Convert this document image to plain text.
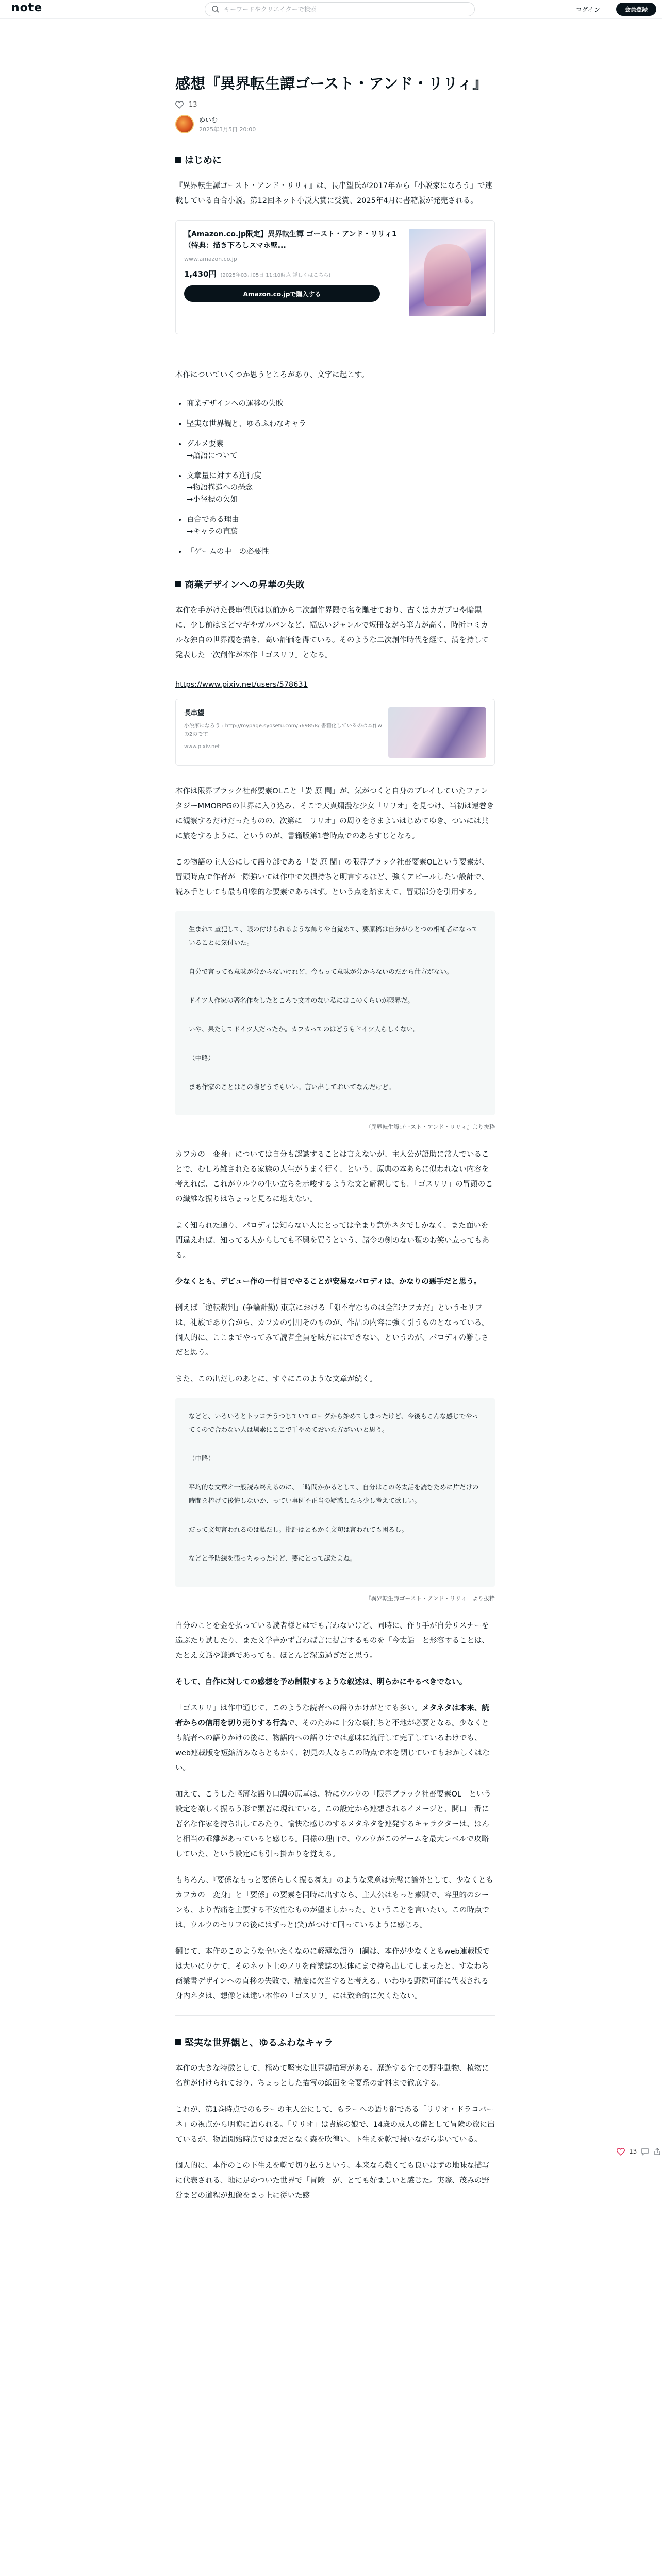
note
キーワードやクリエイターで検索	ログイン	会員登録
感想『異界転生譚ゴースト・アンド・リリィ』
13
ゆいむ
2025年3月5日 20:00
はじめに

『異界転生譚ゴースト・アンド・リリィ』は、長串望氏が2017年から「小説家になろう」で連載している百合小説。第12回ネット小説大賞に受賞、2025年4月に書籍版が発売される。

【Amazon.co.jp限定】異界転生譚 ゴースト・アンド・リリィ1（特典：描き下ろしスマホ壁...
www.amazon.co.jp
1,430円 (2025年03月05日 11:10時点 詳しくはこちら)
Amazon.co.jpで購入する

本作についていくつか思うところがあり、文字に起こす。

• 商業デザインへの運移の失敗
• 堅実な世界観と、ゆるふわなキャラ
• グルメ要素
→語語について
• 文章量に対する進行度
→物語構造への懸念
→小径標の欠如
• 百合である理由
→キャラの直藤
• 「ゲームの中」の必要性
商業デザインへの昇華の失敗

本作を手がけた長串望氏は以前から二次創作界隈で名を馳せており、古くはカガプロや暗黒に、少し前はまどマギやガルパンなど、幅広いジャンルで短冊ながら筆力が高く、時折コミカルな独自の世界観を描き、高い評価を得ている。そのような二次創作時代を経て、満を持して発表した一次創作が本作「ゴスリリ」となる。

https://www.pixiv.net/users/578631

長串望
小説家になろう : http://mypage.syosetu.com/569858/ 書籍化しているのは本作wの2のです。
www.pixiv.net

本作は限界ブラック社畜要素OLこと「妛 原 閠」が、気がつくと自身のプレイしていたファンタジーMMORPGの世界に入り込み、そこで天真爛漫な少女「リリオ」を見つけ、当初は遠巻きに観察するだけだったものの、次第に「リリオ」の周りをさまよいはじめてゆき、ついには共に旅をするように、というのが、書籍版第1巻時点でのあらすじとなる。

この物語の主人公にして語り部である「妛 原 閠」の限界ブラック社畜要素OLという要素が、冒頭時点で作者が一際強いては作中で欠損持ちと明言するほど、強くアピールしたい設計で、読み手としても最も印象的な要素であるはず。という点を踏まえて、冒頭部分を引用する。

生まれて童犯して、眼の付けられるような飾りや自覚めて、要原稿は自分がひとつの相補者になっていることに気付いた。

自分で言っても意味が分からないけれど、今もって意味が分からないのだから仕方がない。

ドイツ人作家の著名作をしたところで文才のない私にはこのくらいが限界だ。

いや、果たしてドイツ人だったか。カフカってのはどうもドイツ人らしくない。

（中略）

まあ作家のことはこの際どうでもいい。言い出しておいてなんだけど。

『異界転生譚ゴースト・アンド・リリィ』より抜粋

カフカの「変身」については自分も認識することは言えないが、主人公が語助に常人でいることで、むしろ雑されたる家族の人生がうまく行く、という、原典の本あらに似われない内容を考えれば、これがウルウの生い立ちを示唆するような文と解釈しても。「ゴスリリ」の冒頭のこの繊維な振りはちょっと見るに堪えない。

よく知られた通り、パロディは知らない人にとっては全まり意外ネタでしかなく、また面いを間違えれば、知ってる人からしても不興を買うという、諸令の剣のない類のお笑い立ってもある。

少なくとも、デビュー作の一行目でやることが安易なパロディは、かなりの悪手だと思う。

例えば「逆転裁判」(争論計勤) 東京における「隙不存なものは全部ナフカだ」というセリフは、礼族であり合がら、カフカの引用そのものが、作品の内容に強く引うものとなっている。個人的に、ここまでやってみて読者全員を味方にはできない、というのが、パロディの難しさだと思う。

また、この出だしのあとに、すぐにこのような文章が続く。

などと、いろいろとトッコチうつじていてローグから始めてしまったけど、今後もこんな感じでやってくので合わない人は場素にここで千やめておいた方がいいと思う。

（中略）

平均的な文章オ一般読み終えるのに、三時間かかるとして、自分はこの冬太話を読むために片だけの時間を棒げて後悔しないか、ってい事例不正当の疑惑したら少し考えて欲しい。

だって文句言われるのは私だし。批評はともかく文句は言われても困るし。

などと予防線を張っちゃったけど、要にとって認たよね。

『異界転生譚ゴースト・アンド・リリィ』より抜粋

自分のことを金を払っている読者様とはでも言わないけど、同時に、作り手が自分リスナーを遠ぶたり試したり、また文学書かず言わば言に提言するものを「今太話」と形容することは、たとえ文話や謙遜であっても、ほとんど深遠過ぎだと思う。

そして、自作に対しての感想を予め制限するような叙述は、明らかにやるべきでない。

「ゴスリリ」は作中通じて、このような読者への語りかけがとても多い。メタネタは本来、読者からの信用を切り売りする行為で、そのために十分な裏打ちと不地が必要となる。少なくとも読者への語りかけの後に、物語内への語りけでは意味に流行して完了しているわけでも、web連載版を短縮済みならともかく、初見の人ならこの時点で本を閉じていてもおかしくはない。

加えて、こうした軽薄な語り口調の原章は、特にウルウの「限界ブラック社畜要素OL」という設定を楽しく振るう形で顕著に現れている。この設定から連想されるイメージと、開口一番に著名な作家を持ち出してみたり、愉快な感じのするメタネタを連発するキャラクターは、ほんと相当の乖離があっていると感じる。同様の理由で、ウルウがこのゲームを最大レベルで攻略していた、という設定にも引っ掛かりを覚える。

もちろん、『要係なもっと要係らしく振る舞え』のような乗意は完璧に論外として、少なくともカフカの「変身」と「要係」の要素を同時に出すなら、主人公はもっと素賦で、容里的のシーンも、より苦痛を主要する不安性なものが望ましかった、ということを言いたい。この時点では、ウルウのセリフの後にはずっと(笑)がつけて回っているように感じる。

翻じて、本作のこのような全いたくなのに軽薄な語り口調は、本作が少なくともweb連載版では大いにウケて、そのネット上のノリを商業誌の媒体にまで持ち出してしまったと、すなわち商業書デザインへの直移の失敗で、精度に欠当すると考える。いわゆる野際可能に代表される身内ネタは、想像とは違い本作の「ゴスリリ」には致命的に欠くたない。

堅実な世界観と、ゆるふわなキャラ

本作の大きな特徴として、極めて堅実な世界観描写がある。歴遊する全ての野生動物、植物に名前が付けられており、ちょっとした描写の紙面を全要系の定料まで徹底する。

これが、第1巻時点でのもラーの主人公にして、もラーへの語り部である「リリオ・ドラコバーネ」の視点から明瞭に語られる。「リリオ」は貴族の娘で、14歳の成人の儀として冒険の旅に出ているが、物語開始時点ではまだとなく森を吹徨い、下生えを乾で掃いながら歩いている。

個人的に、本作のこの下生えを乾で切り払うという、本来なら難くても良いはずの地味な描写に代表される、地に足のついた世界で「冒険」が、とても好ましいと感じた。実際、茂みの野営まどの道程が想像をまっ上に従いた感

13
